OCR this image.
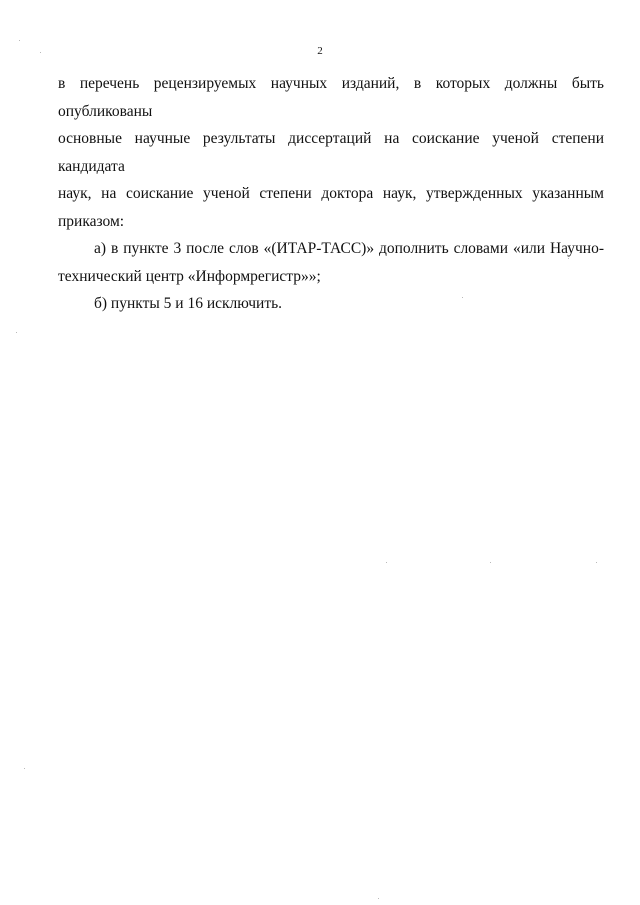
2

в перечень рецензируемых научных изданий, в которых должны быть опубликованы
основные научные результаты диссертаций на соискание ученой степени кандидата
наук, на соискание ученой степени доктора наук, утвержденных указанным
приказом:

а) в пункте 3 после слов «(ИТАР-ТАСС)» дополнить словами «или Научно-
технический центр «Информрегистр»»;

б) пункты 5 и 16 исключить.
